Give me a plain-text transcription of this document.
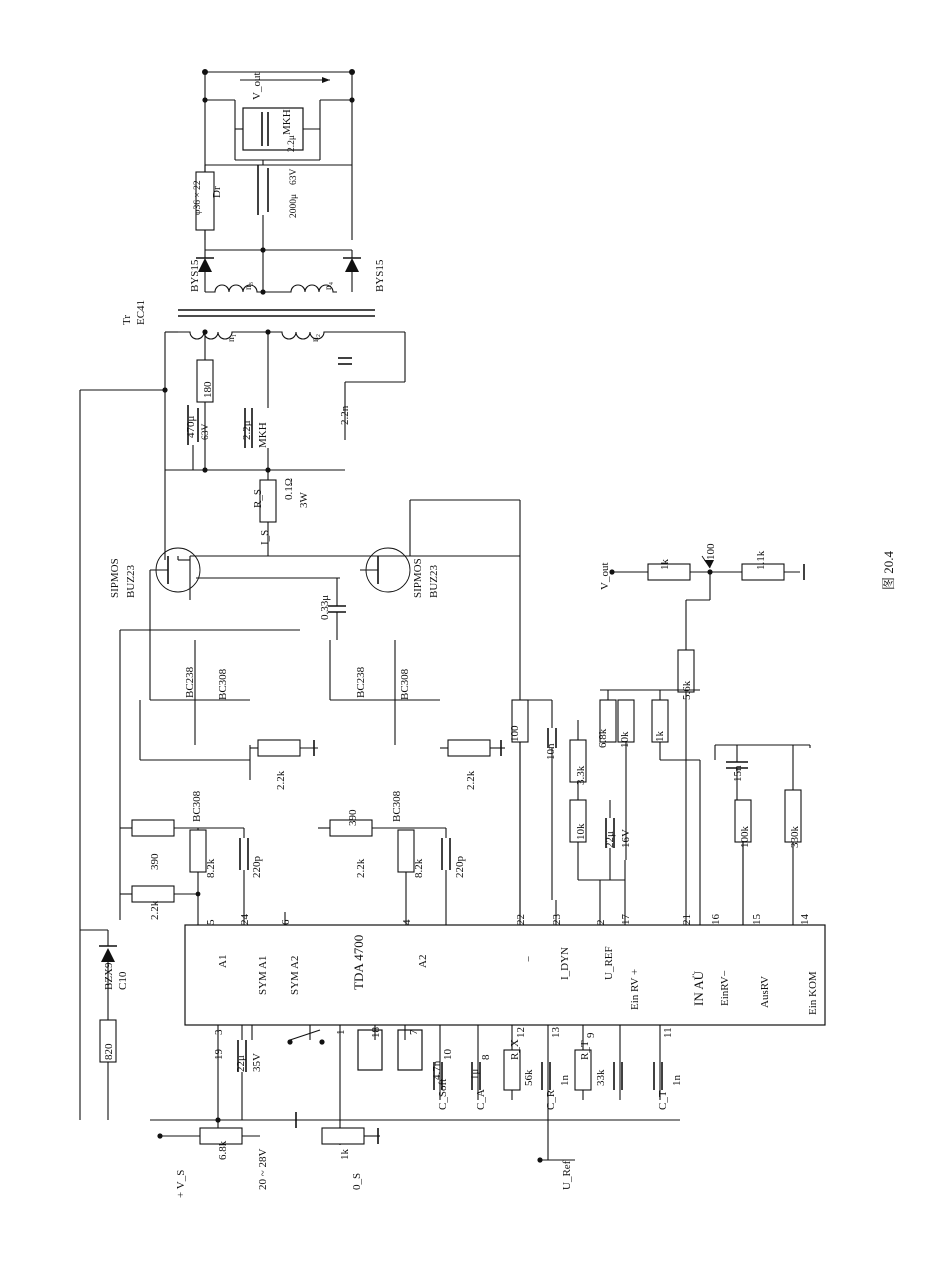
V_out
2.2μ
MKH
2000μ
63V
Dr
φ36 × 22
BYS15	BYS15
n₃	n₄
Tr EC41
n₁	n₂
180
470μ 63V	2.2μ MKH
2.2n
R_S 0.1Ω
3W
I_S
SIPMOS BUZ23	SIPMOS BUZ23
0.33μ
BC238 BC308	BC238	BC308
2.2k	2.2k
BC308	BC308
390
390
8.2k	8.2k
220p	220p
2.2k
2.2k
TDA 4700
5
A1
24
SYM A1
6
SYM A2
4
A2
22
−
23
I_DYN
2
U_REF
17
Ein RV +
21
IN AÜ
16
EinRV−
15
AusRV
14
Ein KOM
3
19
1 18 7
10 8
12 13 9	11
100
10n
3.3k
6.8k
10k 22μ 16V
10k 1k
5.6k
1k
100	1.1k
V_out
100k
15n
330k
BZX97 C10
820
22μ 35V
6.8k
+ V_S	20 ~ 28V	1k
0_S
C_Soft
4.7n
C_A
1μ
R_X
56k
C_R
1n
R_T
33k
C_T
1n
U_Ref
图 20.4
